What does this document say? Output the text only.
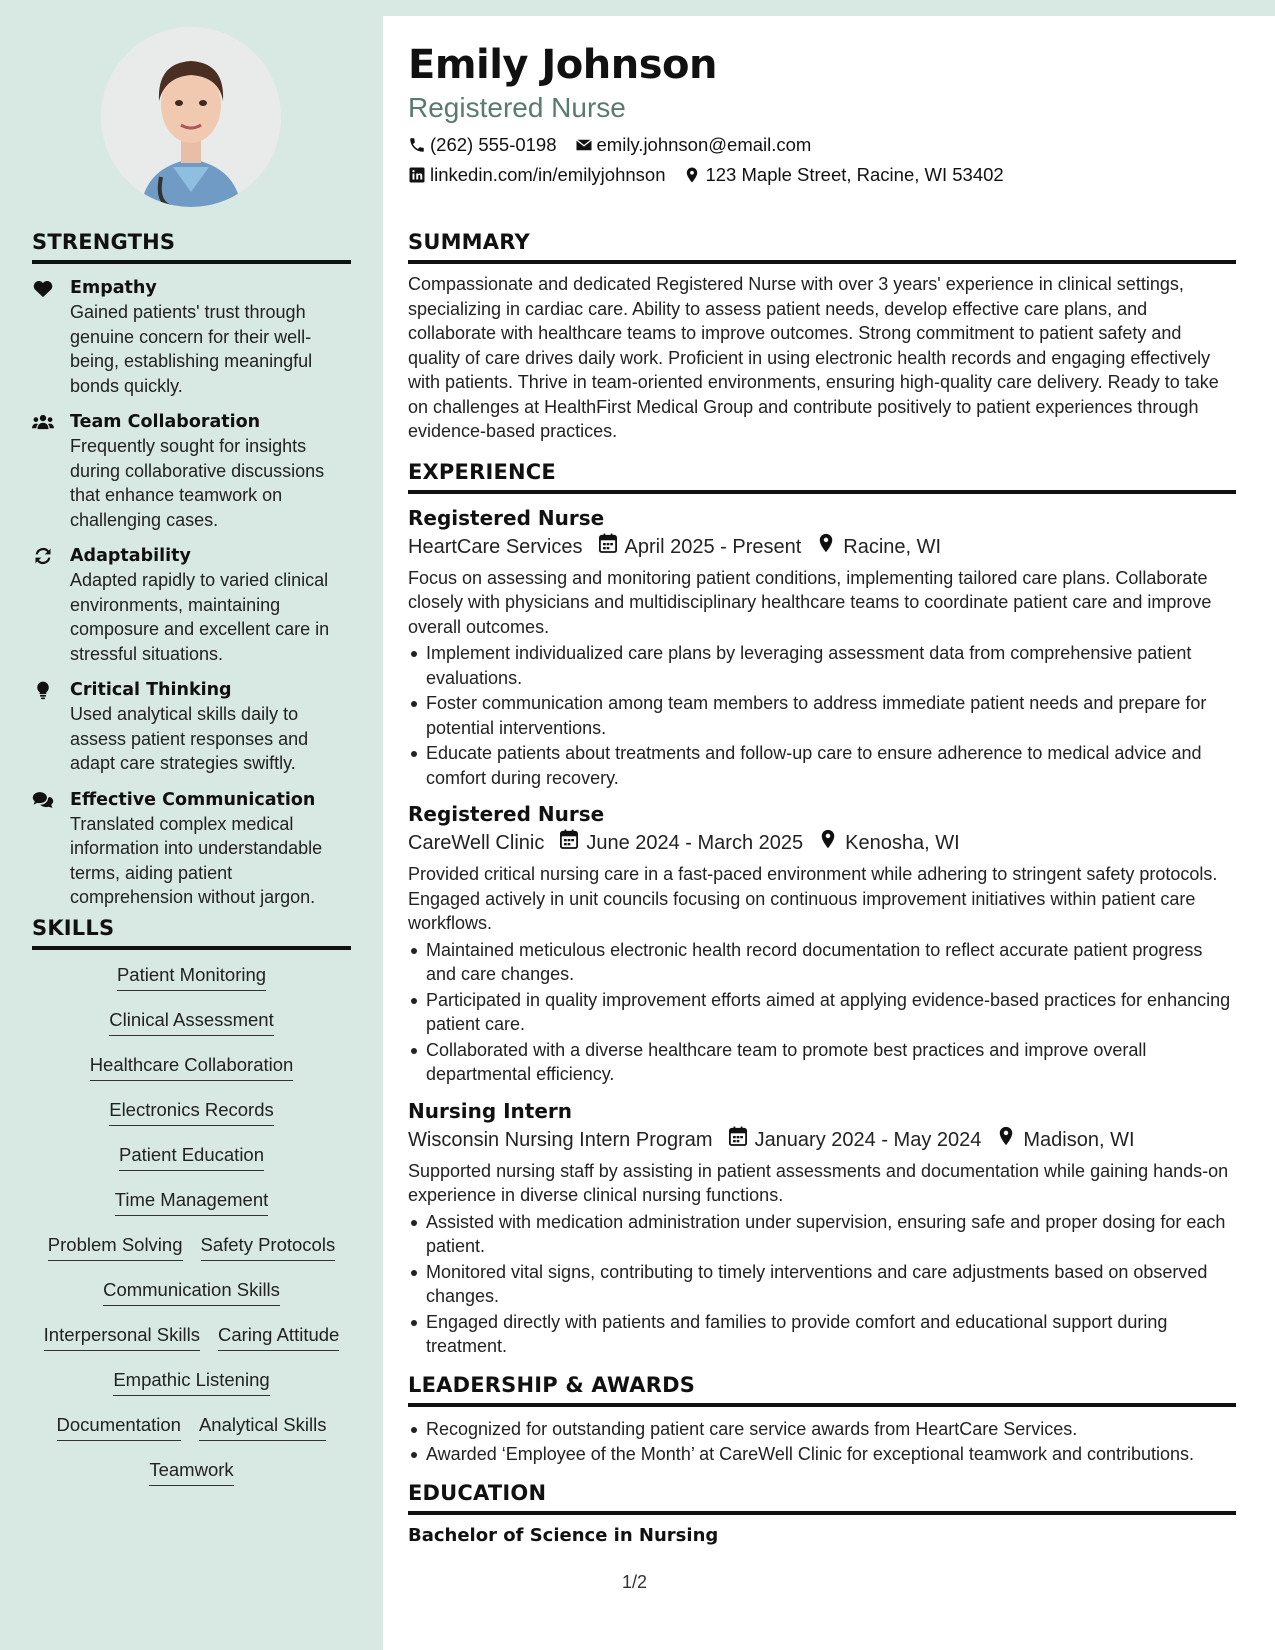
STRENGTHS
Empathy

Gained patients' trust through genuine concern for their well-being, establishing meaningful bonds quickly.

Team Collaboration

Frequently sought for insights during collaborative discussions that enhance teamwork on challenging cases.

Adaptability

Adapted rapidly to varied clinical environments, maintaining composure and excellent care in stressful situations.

Critical Thinking

Used analytical skills daily to assess patient responses and adapt care strategies swiftly.

Effective Communication

Translated complex medical information into understandable terms, aiding patient comprehension without jargon.

SKILLS
Patient Monitoring
Clinical Assessment
Healthcare Collaboration
Electronics Records
Patient Education
Time Management
Problem Solving Safety Protocols
Communication Skills
Interpersonal Skills Caring Attitude
Empathic Listening
Documentation Analytical Skills
Teamwork
Emily Johnson
Registered Nurse
(262) 555-0198 emily.johnson@email.com
linkedin.com/in/emilyjohnson 123 Maple Street, Racine, WI 53402
SUMMARY
Compassionate and dedicated Registered Nurse with over 3 years' experience in clinical settings, specializing in cardiac care. Ability to assess patient needs, develop effective care plans, and collaborate with healthcare teams to improve outcomes. Strong commitment to patient safety and quality of care drives daily work. Proficient in using electronic health records and engaging effectively with patients. Thrive in team-oriented environments, ensuring high-quality care delivery. Ready to take on challenges at HealthFirst Medical Group and contribute positively to patient experiences through evidence-based practices.
EXPERIENCE
Registered Nurse
HeartCare Services April 2025 - Present Racine, WI
Focus on assessing and monitoring patient conditions, implementing tailored care plans. Collaborate closely with physicians and multidisciplinary healthcare teams to coordinate patient care and improve overall outcomes.
Implement individualized care plans by leveraging assessment data from comprehensive patient evaluations.
Foster communication among team members to address immediate patient needs and prepare for potential interventions.
Educate patients about treatments and follow-up care to ensure adherence to medical advice and comfort during recovery.
Registered Nurse
CareWell Clinic June 2024 - March 2025 Kenosha, WI
Provided critical nursing care in a fast-paced environment while adhering to stringent safety protocols. Engaged actively in unit councils focusing on continuous improvement initiatives within patient care workflows.
Maintained meticulous electronic health record documentation to reflect accurate patient progress and care changes.
Participated in quality improvement efforts aimed at applying evidence-based practices for enhancing patient care.
Collaborated with a diverse healthcare team to promote best practices and improve overall departmental efficiency.
Nursing Intern
Wisconsin Nursing Intern Program January 2024 - May 2024 Madison, WI
Supported nursing staff by assisting in patient assessments and documentation while gaining hands-on experience in diverse clinical nursing functions.
Assisted with medication administration under supervision, ensuring safe and proper dosing for each patient.
Monitored vital signs, contributing to timely interventions and care adjustments based on observed changes.
Engaged directly with patients and families to provide comfort and educational support during treatment.
LEADERSHIP & AWARDS
Recognized for outstanding patient care service awards from HeartCare Services.
Awarded ‘Employee of the Month’ at CareWell Clinic for exceptional teamwork and contributions.
EDUCATION
Bachelor of Science in Nursing
1/2
